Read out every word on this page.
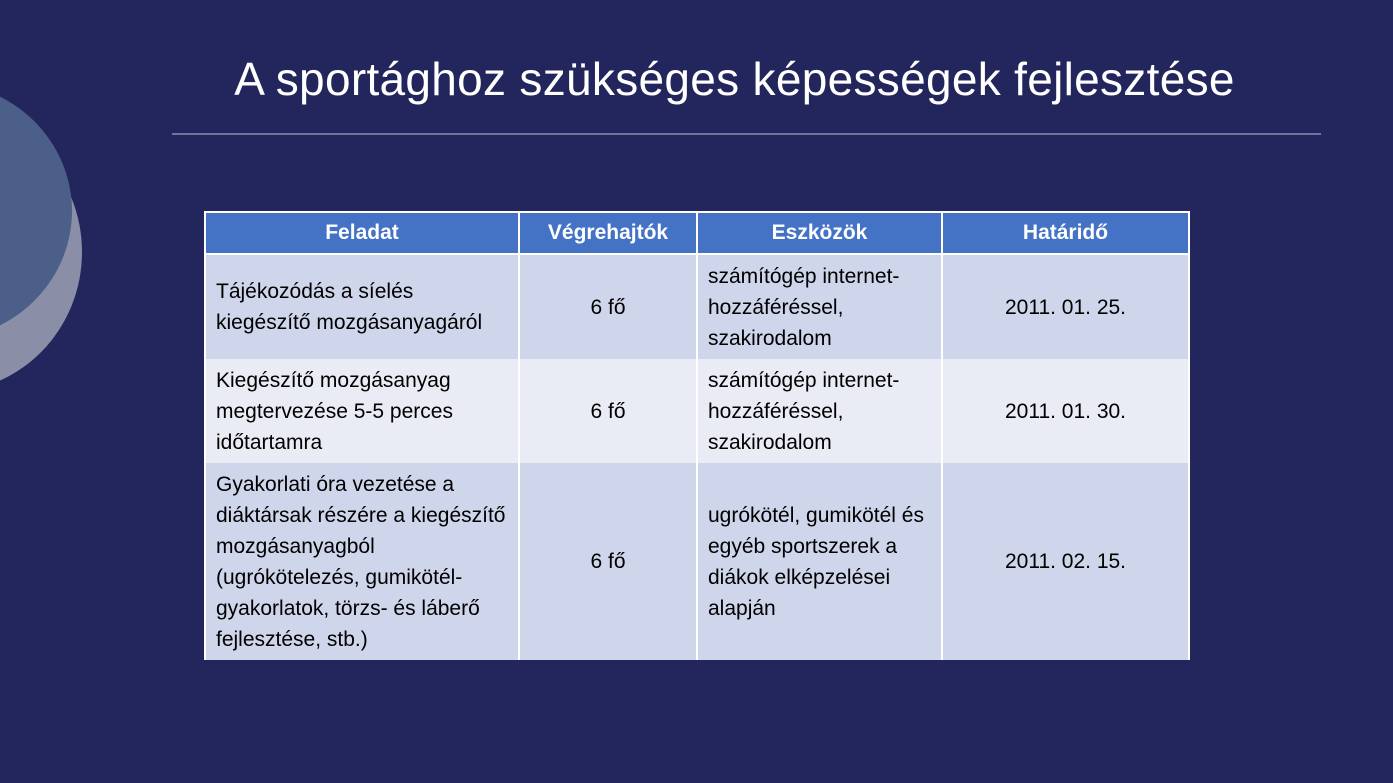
A sportághoz szükséges képességek fejlesztése
Feladat	Végrehajtók	Eszközök	Határidő
Tájékozódás a síelés kiegészítő mozgásanyagáról	6 fő	számítógép internet-hozzáféréssel, szakirodalom	2011. 01. 25.
Kiegészítő mozgásanyag megtervezése 5-5 perces időtartamra	6 fő	számítógép internet-hozzáféréssel, szakirodalom	2011. 01. 30.
Gyakorlati óra vezetése a diáktársak részére a kiegészítő mozgásanyagból (ugrókötelezés, gumikötél-gyakorlatok, törzs- és láberő fejlesztése, stb.)	6 fő	ugrókötél, gumikötél és egyéb sportszerek a diákok elképzelései alapján	2011. 02. 15.
